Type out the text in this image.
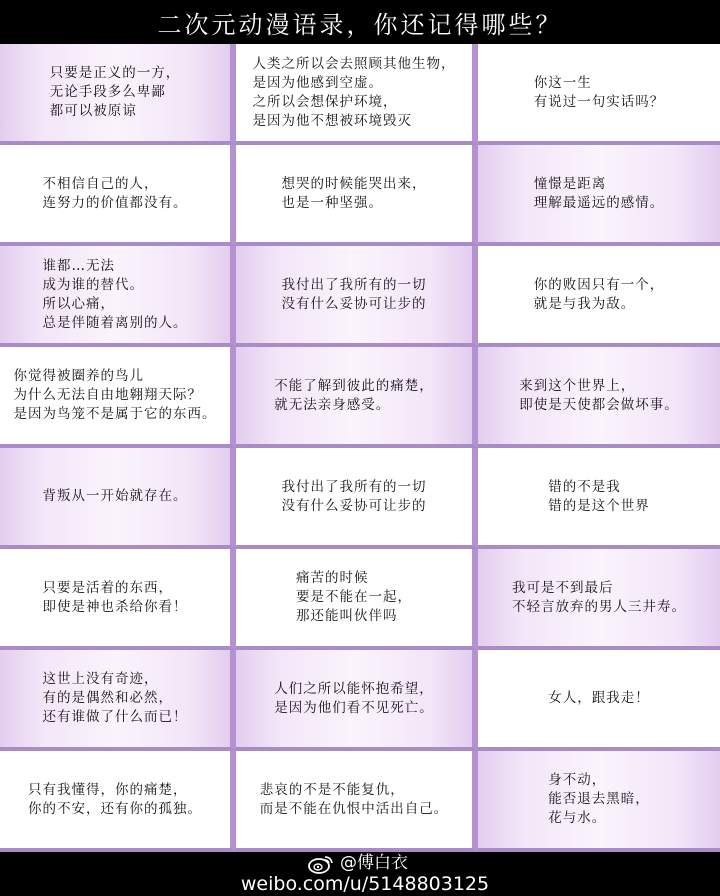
二次元动漫语录，你还记得哪些？
只要是正义的一方，
无论手段多么卑鄙
都可以被原谅
人类之所以会去照顾其他生物，
是因为他感到空虚。
之所以会想保护环境，
是因为他不想被环境毁灭
你这一生
有说过一句实话吗？
不相信自己的人，
连努力的价值都没有。
想哭的时候能哭出来，
也是一种坚强。
憧憬是距离
理解最遥远的感情。
谁都…无法
成为谁的替代。
所以心痛，
总是伴随着离别的人。
我付出了我所有的一切
没有什么妥协可让步的
你的败因只有一个，
就是与我为敌。
你觉得被圈养的鸟儿
为什么无法自由地翱翔天际？
是因为鸟笼不是属于它的东西。
不能了解到彼此的痛楚，
就无法亲身感受。
来到这个世界上，
即使是天使都会做坏事。
背叛从一开始就存在。
我付出了我所有的一切
没有什么妥协可让步的
错的不是我
错的是这个世界
只要是活着的东西，
即使是神也杀给你看！
痛苦的时候
要是不能在一起，
那还能叫伙伴吗
我可是不到最后
不轻言放弃的男人三井寿。
这世上没有奇迹，
有的是偶然和必然，
还有谁做了什么而已！
人们之所以能怀抱希望，
是因为他们看不见死亡。
女人，跟我走！
只有我懂得，你的痛楚，
你的不安，还有你的孤独。
悲哀的不是不能复仇，
而是不能在仇恨中活出自己。
身不动，
能否退去黑暗，
花与水。
@傅白衣
weibo.com/u/5148803125
